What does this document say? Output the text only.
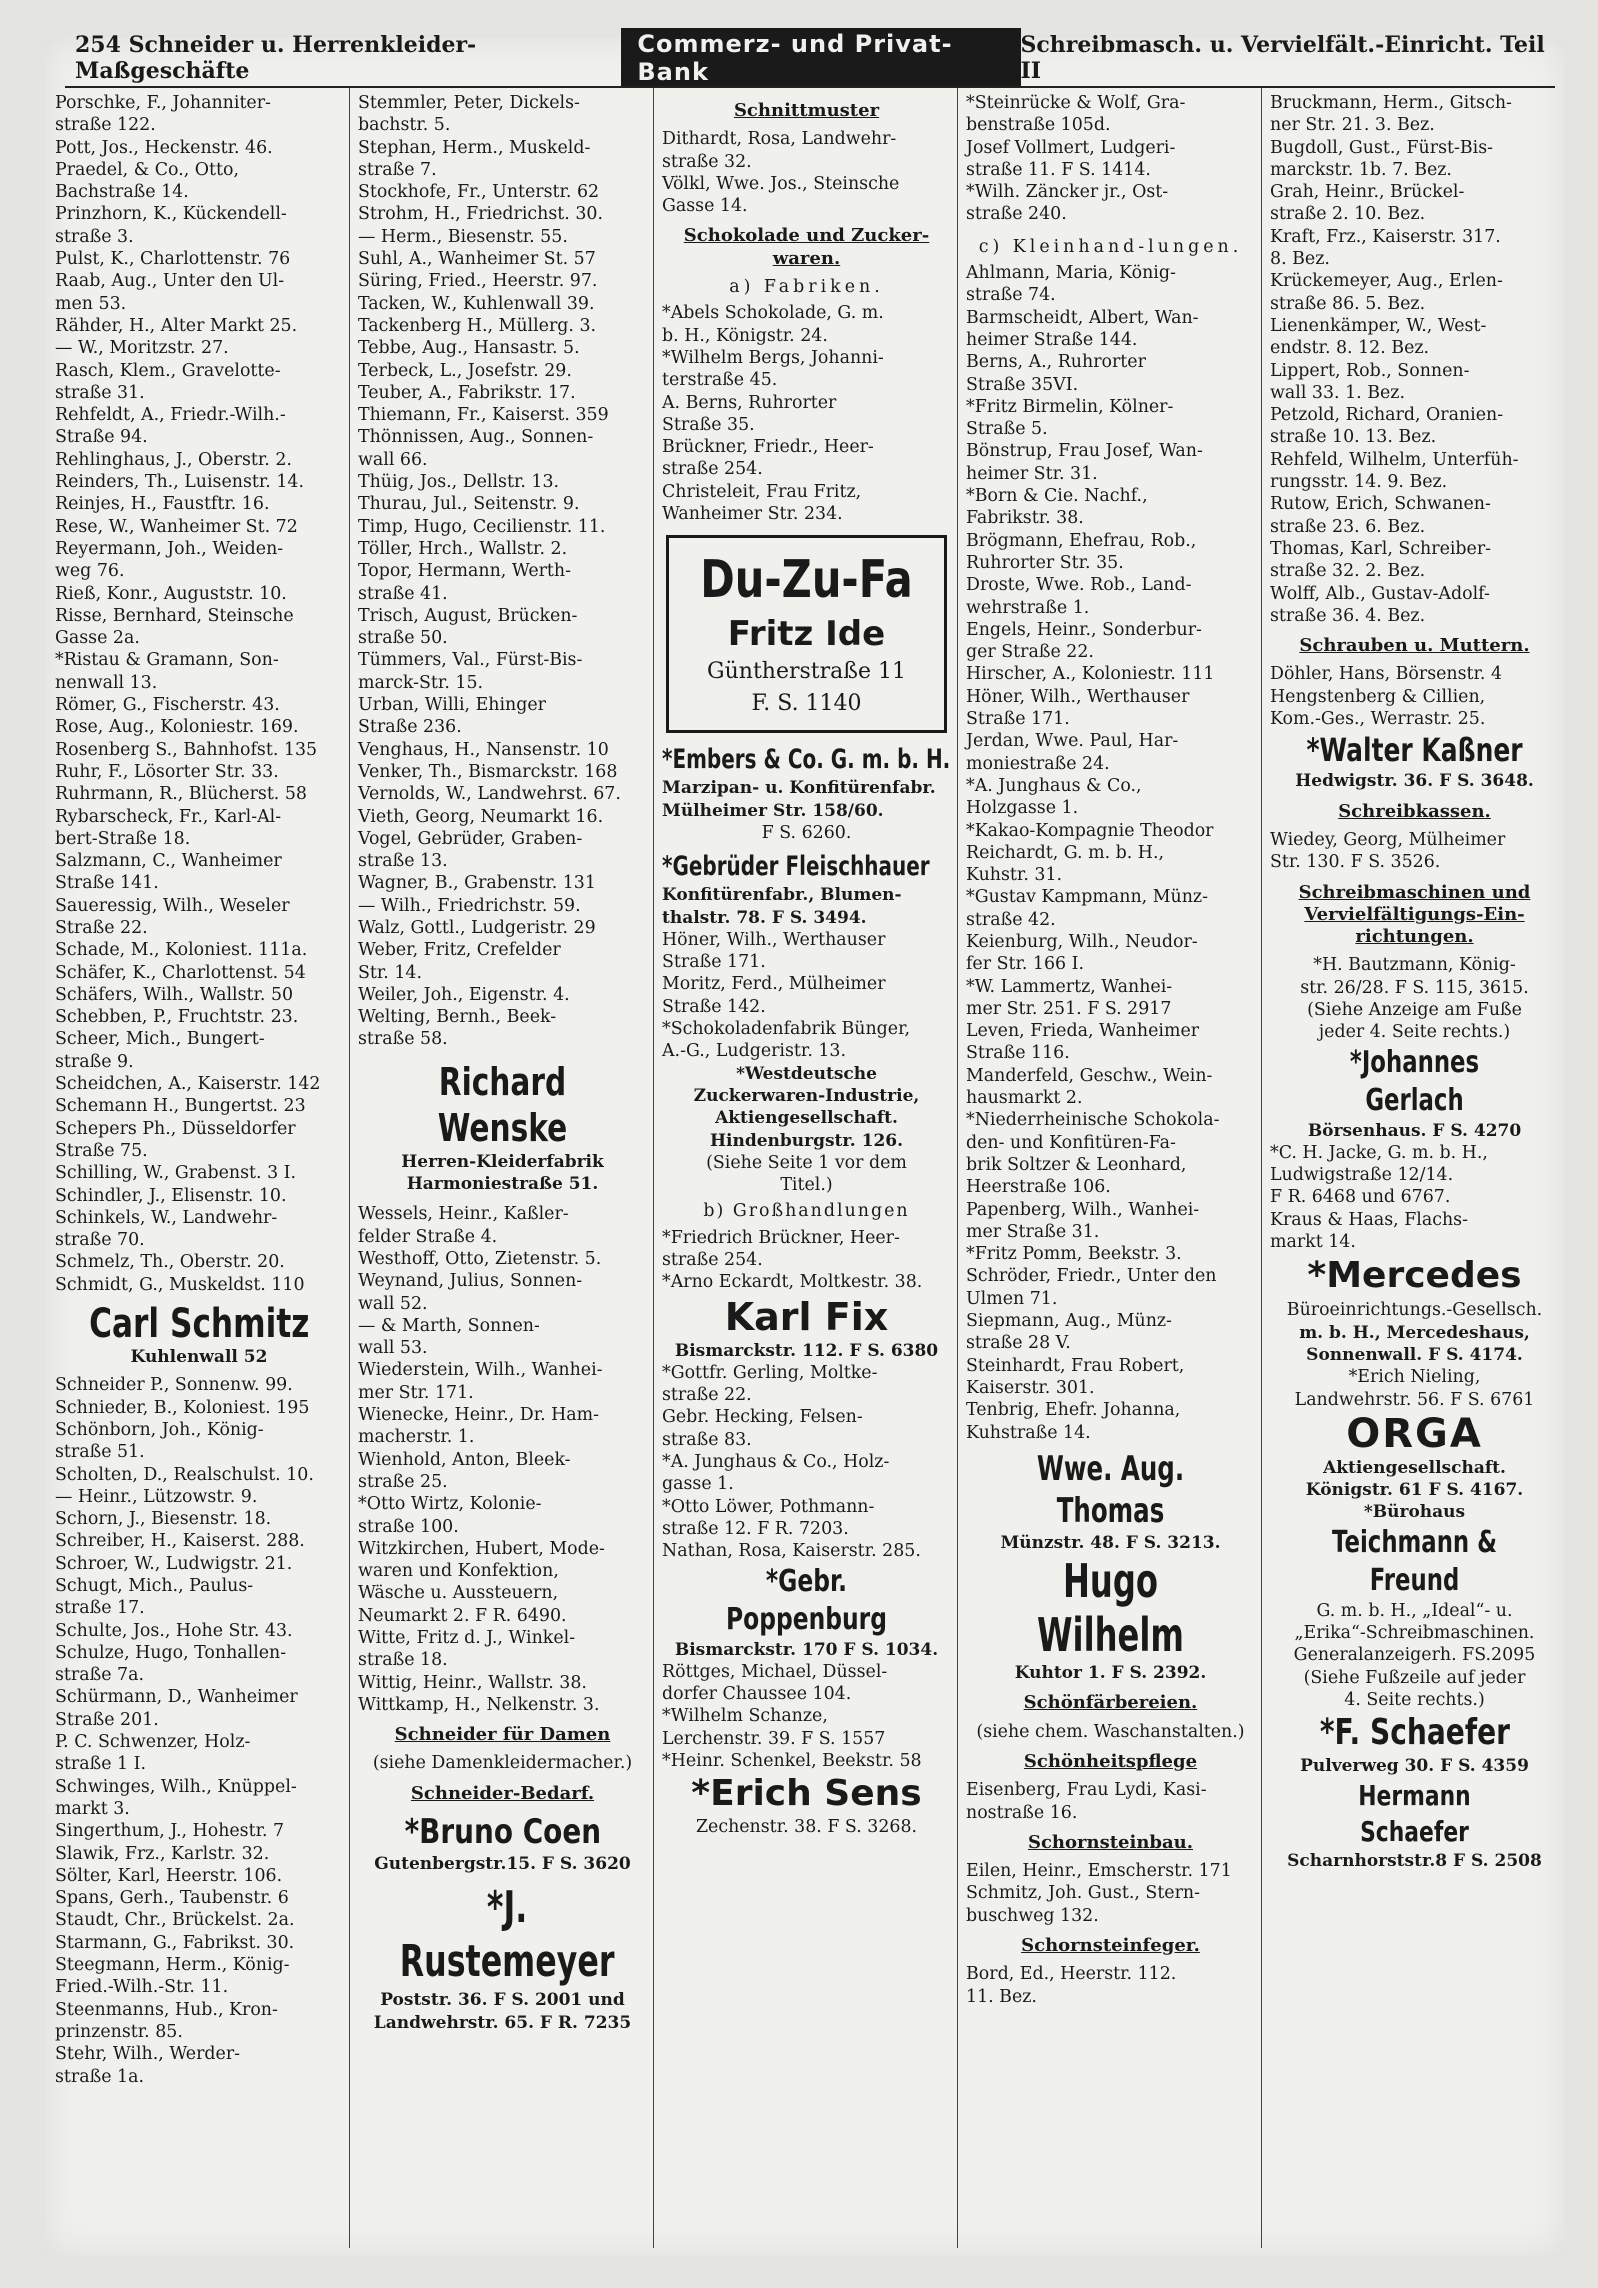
254 Schneider u. Herrenkleider-Maßgeschäfte
Commerz- und Privat-Bank
Schreibmasch. u. Vervielfält.-Einricht. Teil II
Porschke, F., Johanniter-
straße 122.
Pott, Jos., Heckenstr. 46.
Praedel, & Co., Otto,
Bachstraße 14.
Prinzhorn, K., Kückendell-
straße 3.
Pulst, K., Charlottenstr. 76
Raab, Aug., Unter den Ul-
men 53.
Rähder, H., Alter Markt 25.
— W., Moritzstr. 27.
Rasch, Klem., Gravelotte-
straße 31.
Rehfeldt, A., Friedr.-Wilh.-
Straße 94.
Rehlinghaus, J., Oberstr. 2.
Reinders, Th., Luisenstr. 14.
Reinjes, H., Faustftr. 16.
Rese, W., Wanheimer St. 72
Reyermann, Joh., Weiden-
weg 76.
Rieß, Konr., Auguststr. 10.
Risse, Bernhard, Steinsche
Gasse 2a.
*Ristau & Gramann, Son-
nenwall 13.
Römer, G., Fischerstr. 43.
Rose, Aug., Koloniestr. 169.
Rosenberg S., Bahnhofst. 135
Ruhr, F., Lösorter Str. 33.
Ruhrmann, R., Blücherst. 58
Rybarscheck, Fr., Karl-Al-
bert-Straße 18.
Salzmann, C., Wanheimer
Straße 141.
Saueressig, Wilh., Weseler
Straße 22.
Schade, M., Koloniest. 111a.
Schäfer, K., Charlottenst. 54
Schäfers, Wilh., Wallstr. 50
Schebben, P., Fruchtstr. 23.
Scheer, Mich., Bungert-
straße 9.
Scheidchen, A., Kaiserstr. 142
Schemann H., Bungertst. 23
Schepers Ph., Düsseldorfer
Straße 75.
Schilling, W., Grabenst. 3 I.
Schindler, J., Elisenstr. 10.
Schinkels, W., Landwehr-
straße 70.
Schmelz, Th., Oberstr. 20.
Schmidt, G., Muskeldst. 110
Carl Schmitz
Kuhlenwall 52
Schneider P., Sonnenw. 99.
Schnieder, B., Koloniest. 195
Schönborn, Joh., König-
straße 51.
Scholten, D., Realschulst. 10.
— Heinr., Lützowstr. 9.
Schorn, J., Biesenstr. 18.
Schreiber, H., Kaiserst. 288.
Schroer, W., Ludwigstr. 21.
Schugt, Mich., Paulus-
straße 17.
Schulte, Jos., Hohe Str. 43.
Schulze, Hugo, Tonhallen-
straße 7a.
Schürmann, D., Wanheimer
Straße 201.
P. C. Schwenzer, Holz-
straße 1 I.
Schwinges, Wilh., Knüppel-
markt 3.
Singerthum, J., Hohestr. 7
Slawik, Frz., Karlstr. 32.
Sölter, Karl, Heerstr. 106.
Spans, Gerh., Taubenstr. 6
Staudt, Chr., Brückelst. 2a.
Starmann, G., Fabrikst. 30.
Steegmann, Herm., König-
Fried.-Wilh.-Str. 11.
Steenmanns, Hub., Kron-
prinzenstr. 85.
Stehr, Wilh., Werder-
straße 1a.
Stemmler, Peter, Dickels-
bachstr. 5.
Stephan, Herm., Muskeld-
straße 7.
Stockhofe, Fr., Unterstr. 62
Strohm, H., Friedrichst. 30.
— Herm., Biesenstr. 55.
Suhl, A., Wanheimer St. 57
Süring, Fried., Heerstr. 97.
Tacken, W., Kuhlenwall 39.
Tackenberg H., Müllerg. 3.
Tebbe, Aug., Hansastr. 5.
Terbeck, L., Josefstr. 29.
Teuber, A., Fabrikstr. 17.
Thiemann, Fr., Kaiserst. 359
Thönnissen, Aug., Sonnen-
wall 66.
Thüig, Jos., Dellstr. 13.
Thurau, Jul., Seitenstr. 9.
Timp, Hugo, Cecilienstr. 11.
Töller, Hrch., Wallstr. 2.
Topor, Hermann, Werth-
straße 41.
Trisch, August, Brücken-
straße 50.
Tümmers, Val., Fürst-Bis-
marck-Str. 15.
Urban, Willi, Ehinger
Straße 236.
Venghaus, H., Nansenstr. 10
Venker, Th., Bismarckstr. 168
Vernolds, W., Landwehrst. 67.
Vieth, Georg, Neumarkt 16.
Vogel, Gebrüder, Graben-
straße 13.
Wagner, B., Grabenstr. 131
— Wilh., Friedrichstr. 59.
Walz, Gottl., Ludgeristr. 29
Weber, Fritz, Crefelder
Str. 14.
Weiler, Joh., Eigenstr. 4.
Welting, Bernh., Beek-
straße 58.
Richard Wenske
Herren-Kleiderfabrik
Harmoniestraße 51.
Wessels, Heinr., Kaßler-
felder Straße 4.
Westhoff, Otto, Zietenstr. 5.
Weynand, Julius, Sonnen-
wall 52.
— & Marth, Sonnen-
wall 53.
Wiederstein, Wilh., Wanhei-
mer Str. 171.
Wienecke, Heinr., Dr. Ham-
macherstr. 1.
Wienhold, Anton, Bleek-
straße 25.
*Otto Wirtz, Kolonie-
straße 100.
Witzkirchen, Hubert, Mode-
waren und Konfektion,
Wäsche u. Aussteuern,
Neumarkt 2. F R. 6490.
Witte, Fritz d. J., Winkel-
straße 18.
Wittig, Heinr., Wallstr. 38.
Wittkamp, H., Nelkenstr. 3.
Schneider für Damen
(siehe Damenkleidermacher.)
Schneider-Bedarf.
*Bruno Coen
Gutenbergstr.15. F S. 3620
*J. Rustemeyer
Poststr. 36. F S. 2001 und
Landwehrstr. 65. F R. 7235
Schnittmuster
Dithardt, Rosa, Landwehr-
straße 32.
Völkl, Wwe. Jos., Steinsche
Gasse 14.
Schokolade und Zucker-waren.
a) Fabriken.
*Abels Schokolade, G. m.
b. H., Königstr. 24.
*Wilhelm Bergs, Johanni-
terstraße 45.
A. Berns, Ruhrorter
Straße 35.
Brückner, Friedr., Heer-
straße 254.
Christeleit, Frau Fritz,
Wanheimer Str. 234.
Du-Zu-Fa
Fritz Ide
Güntherstraße 11
F. S. 1140
*Embers & Co. G. m. b. H.
Marzipan- u. Konfitürenfabr.
Mülheimer Str. 158/60.
F S. 6260.
*Gebrüder Fleischhauer
Konfitürenfabr., Blumen-
thalstr. 78. F S. 3494.
Höner, Wilh., Werthauser
Straße 171.
Moritz, Ferd., Mülheimer
Straße 142.
*Schokoladenfabrik Bünger,
A.-G., Ludgeristr. 13.
*Westdeutsche
Zuckerwaren-Industrie,
Aktiengesellschaft.
Hindenburgstr. 126.
(Siehe Seite 1 vor dem
Titel.)
b) Großhandlungen
*Friedrich Brückner, Heer-
straße 254.
*Arno Eckardt, Moltkestr. 38.
Karl Fix
Bismarckstr. 112. F S. 6380
*Gottfr. Gerling, Moltke-
straße 22.
Gebr. Hecking, Felsen-
straße 83.
*A. Junghaus & Co., Holz-
gasse 1.
*Otto Löwer, Pothmann-
straße 12. F R. 7203.
Nathan, Rosa, Kaiserstr. 285.
*Gebr. Poppenburg
Bismarckstr. 170 F S. 1034.
Röttges, Michael, Düssel-
dorfer Chaussee 104.
*Wilhelm Schanze,
Lerchenstr. 39. F S. 1557
*Heinr. Schenkel, Beekstr. 58
*Erich Sens
Zechenstr. 38. F S. 3268.
*Steinrücke & Wolf, Gra-
benstraße 105d.
Josef Vollmert, Ludgeri-
straße 11. F S. 1414.
*Wilh. Zäncker jr., Ost-
straße 240.
c) Kleinhand-lungen.
Ahlmann, Maria, König-
straße 74.
Barmscheidt, Albert, Wan-
heimer Straße 144.
Berns, A., Ruhrorter
Straße 35VI.
*Fritz Birmelin, Kölner-
Straße 5.
Bönstrup, Frau Josef, Wan-
heimer Str. 31.
*Born & Cie. Nachf.,
Fabrikstr. 38.
Brögmann, Ehefrau, Rob.,
Ruhrorter Str. 35.
Droste, Wwe. Rob., Land-
wehrstraße 1.
Engels, Heinr., Sonderbur-
ger Straße 22.
Hirscher, A., Koloniestr. 111
Höner, Wilh., Werthauser
Straße 171.
Jerdan, Wwe. Paul, Har-
moniestraße 24.
*A. Junghaus & Co.,
Holzgasse 1.
*Kakao-Kompagnie Theodor
Reichardt, G. m. b. H.,
Kuhstr. 31.
*Gustav Kampmann, Münz-
straße 42.
Keienburg, Wilh., Neudor-
fer Str. 166 I.
*W. Lammertz, Wanhei-
mer Str. 251. F S. 2917
Leven, Frieda, Wanheimer
Straße 116.
Manderfeld, Geschw., Wein-
hausmarkt 2.
*Niederrheinische Schokola-
den- und Konfitüren-Fa-
brik Soltzer & Leonhard,
Heerstraße 106.
Papenberg, Wilh., Wanhei-
mer Straße 31.
*Fritz Pomm, Beekstr. 3.
Schröder, Friedr., Unter den
Ulmen 71.
Siepmann, Aug., Münz-
straße 28 V.
Steinhardt, Frau Robert,
Kaiserstr. 301.
Tenbrig, Ehefr. Johanna,
Kuhstraße 14.
Wwe. Aug. Thomas
Münzstr. 48. F S. 3213.
Hugo Wilhelm
Kuhtor 1. F S. 2392.
Schönfärbereien.
(siehe chem. Waschanstalten.)
Schönheitspflege
Eisenberg, Frau Lydi, Kasi-
nostraße 16.
Schornsteinbau.
Eilen, Heinr., Emscherstr. 171
Schmitz, Joh. Gust., Stern-
buschweg 132.
Schornsteinfeger.
Bord, Ed., Heerstr. 112.
11. Bez.
Bruckmann, Herm., Gitsch-
ner Str. 21. 3. Bez.
Bugdoll, Gust., Fürst-Bis-
marckstr. 1b. 7. Bez.
Grah, Heinr., Brückel-
straße 2. 10. Bez.
Kraft, Frz., Kaiserstr. 317.
8. Bez.
Krückemeyer, Aug., Erlen-
straße 86. 5. Bez.
Lienenkämper, W., West-
endstr. 8. 12. Bez.
Lippert, Rob., Sonnen-
wall 33. 1. Bez.
Petzold, Richard, Oranien-
straße 10. 13. Bez.
Rehfeld, Wilhelm, Unterfüh-
rungsstr. 14. 9. Bez.
Rutow, Erich, Schwanen-
straße 23. 6. Bez.
Thomas, Karl, Schreiber-
straße 32. 2. Bez.
Wolff, Alb., Gustav-Adolf-
straße 36. 4. Bez.
Schrauben u. Muttern.
Döhler, Hans, Börsenstr. 4
Hengstenberg & Cillien,
Kom.-Ges., Werrastr. 25.
*Walter Kaßner
Hedwigstr. 36. F S. 3648.
Schreibkassen.
Wiedey, Georg, Mülheimer
Str. 130. F S. 3526.
Schreibmaschinen und Vervielfältigungs-Ein-richtungen.
*H. Bautzmann, König-
str. 26/28. F S. 115, 3615.
(Siehe Anzeige am Fuße
jeder 4. Seite rechts.)
*Johannes Gerlach
Börsenhaus. F S. 4270
*C. H. Jacke, G. m. b. H.,
Ludwigstraße 12/14.
F R. 6468 und 6767.
Kraus & Haas, Flachs-
markt 14.
*Mercedes
Büroeinrichtungs.-Gesellsch.
m. b. H., Mercedeshaus,
Sonnenwall. F S. 4174.
*Erich Nieling,
Landwehrstr. 56. F S. 6761
ORGA
Aktiengesellschaft.
Königstr. 61 F S. 4167.
*Bürohaus
Teichmann & Freund
G. m. b. H., „Ideal“- u.
„Erika“-Schreibmaschinen.
Generalanzeigerh. FS.2095
(Siehe Fußzeile auf jeder
4. Seite rechts.)
*F. Schaefer
Pulverweg 30. F S. 4359
Hermann Schaefer
Scharnhorststr.8 F S. 2508
